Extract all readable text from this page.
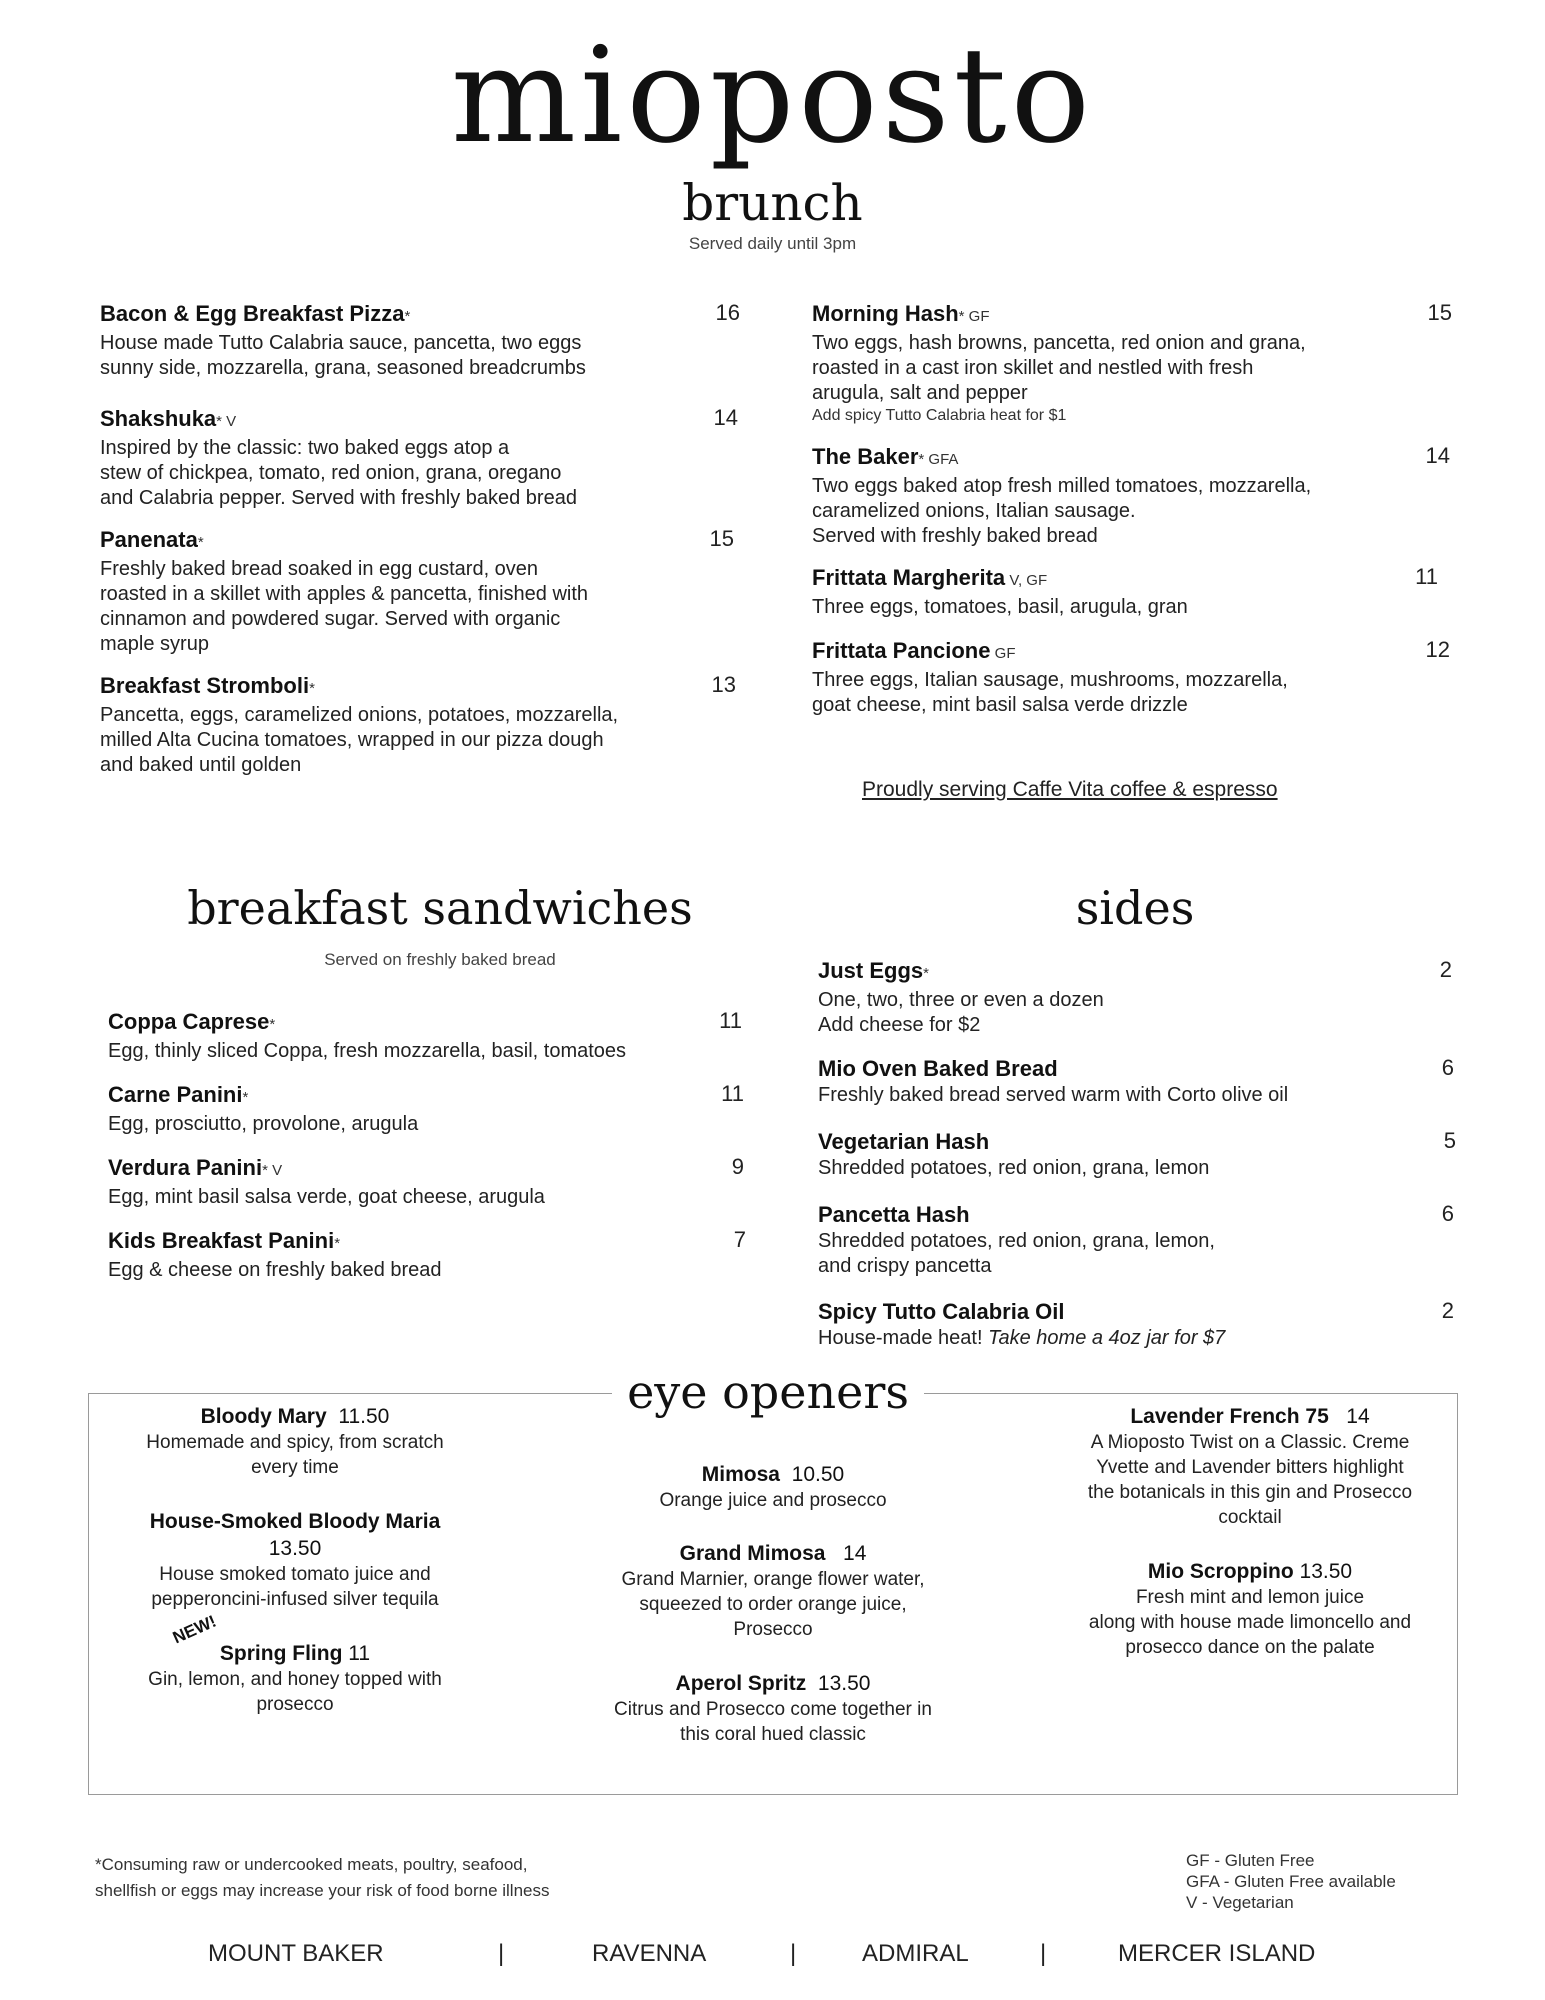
mioposto
brunch
Served daily until 3pm
Bacon & Egg Breakfast Pizza*
House made Tutto Calabria sauce, pancetta, two eggs
sunny side, mozzarella, grana, seasoned breadcrumbs
16
Shakshuka* V
Inspired by the classic: two baked eggs atop a
stew of chickpea, tomato, red onion, grana, oregano
and Calabria pepper. Served with freshly baked bread
14
Panenata*
Freshly baked bread soaked in egg custard, oven
roasted in a skillet with apples & pancetta, finished with
cinnamon and powdered sugar. Served with organic
maple syrup
15
Breakfast Stromboli*
Pancetta, eggs, caramelized onions, potatoes, mozzarella,
milled Alta Cucina tomatoes, wrapped in our pizza dough
and baked until golden
13
Morning Hash* GF
Two eggs, hash browns, pancetta, red onion and grana,
roasted in a cast iron skillet and nestled with fresh
arugula, salt and pepper
Add spicy Tutto Calabria heat for $1
15
The Baker* GFA
Two eggs baked atop fresh milled tomatoes, mozzarella,
caramelized onions, Italian sausage.
Served with freshly baked bread
14
Frittata Margherita V, GF
Three eggs, tomatoes, basil, arugula, gran
11
Frittata Pancione GF
Three eggs, Italian sausage, mushrooms, mozzarella,
goat cheese, mint basil salsa verde drizzle
12
Proudly serving Caffe Vita coffee & espresso
breakfast sandwiches
Served on freshly baked bread
Coppa Caprese*
Egg, thinly sliced Coppa, fresh mozzarella, basil, tomatoes
11
Carne Panini*
Egg, prosciutto, provolone, arugula
11
Verdura Panini* V
Egg, mint basil salsa verde, goat cheese, arugula
9
Kids Breakfast Panini*
Egg & cheese on freshly baked bread
7
sides
Just Eggs*
One, two, three or even a dozen
Add cheese for $2
2
Mio Oven Baked Bread
Freshly baked bread served warm with Corto olive oil
6
Vegetarian Hash
Shredded potatoes, red onion, grana, lemon
5
Pancetta Hash
Shredded potatoes, red onion, grana, lemon,
and crispy pancetta
6
Spicy Tutto Calabria Oil
House-made heat! Take home a 4oz jar for $7
2
eye openers
Bloody Mary 11.50
Homemade and spicy, from scratch
every time
House-Smoked Bloody Maria
13.50
House smoked tomato juice and
pepperoncini-infused silver tequila
NEW!
Spring Fling 11
Gin, lemon, and honey topped with
prosecco
Mimosa 10.50
Orange juice and prosecco
Grand Mimosa 14
Grand Marnier, orange flower water,
squeezed to order orange juice,
Prosecco
Aperol Spritz 13.50
Citrus and Prosecco come together in
this coral hued classic
Lavender French 75 14
A Mioposto Twist on a Classic. Creme
Yvette and Lavender bitters highlight
the botanicals in this gin and Prosecco
cocktail
Mio Scroppino 13.50
Fresh mint and lemon juice
along with house made limoncello and
prosecco dance on the palate
*Consuming raw or undercooked meats, poultry, seafood,
shellfish or eggs may increase your risk of food borne illness
GF - Gluten Free
GFA - Gluten Free available
V - Vegetarian
MOUNT BAKER	|	RAVENNA	|	ADMIRAL	|	MERCER ISLAND
